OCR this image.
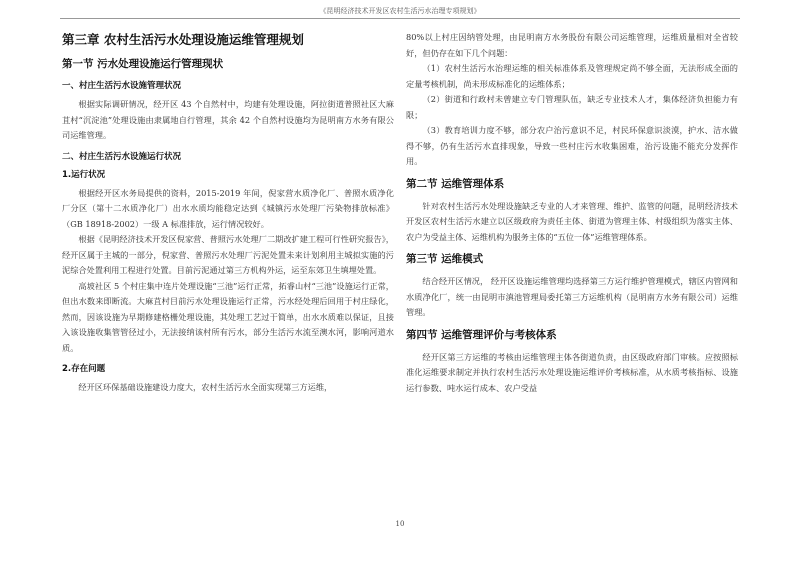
《昆明经济技术开发区农村生活污水治理专项规划》
第三章 农村生活污水处理设施运维管理规划
第一节 污水处理设施运行管理现状
一、村庄生活污水设施管理状况

根据实际调研情况，经开区 43 个自然村中，均建有处理设施，阿拉街道普照社区大麻苴村“沉淀池”处理设施由隶属地自行管理，其余 42 个自然村设施均为昆明南方水务有限公司运维管理。

二、村庄生活污水设施运行状况
1.运行状况

根据经开区水务局提供的资料，2015-2019 年间，倪家营水质净化厂、普照水质净化厂分区（第十二水质净化厂）出水水质均能稳定达到《城镇污水处理厂污染物排放标准》（GB 18918-2002）一级 A 标准排放，运行情况较好。

根据《昆明经济技术开发区倪家营、普照污水处理厂二期改扩建工程可行性研究报告》，经开区属于主城的一部分，倪家营、普照污水处理厂污泥处置未来计划利用主城拟实施的污泥综合处置利用工程进行处置。目前污泥通过第三方机构外运，运至东郊卫生填埋处置。

高坡社区 5 个村庄集中连片处理设施“三池”运行正常，拓睿山村“三池”设施运行正常，但出水数来即断流。大麻苴村目前污水处理设施运行正常，污水经处理后回用于村庄绿化，然而，因该设施为早期修建格栅处理设施，其处理工艺过于简单，出水水质难以保证，且接入该设施收集管管径过小，无法接纳该村所有污水，部分生活污水流至澳水河，影响河道水质。

2.存在问题

经开区环保基础设施建设力度大，农村生活污水全面实现第三方运维，

80%以上村庄因纳管处理，由昆明南方水务股份有限公司运维管理，运维质量相对全省较好，但仍存在如下几个问题：

（1）农村生活污水治理运维的相关标准体系及管理规定尚不够全面，无法形成全面的定量考核机制，尚未形成标准化的运维体系；

（2）街道和行政村未曾建立专门管理队伍，缺乏专业技术人才，集体经济负担能力有限；

（3）教育培训力度不够，部分农户治污意识不足，村民环保意识淡漠，护水、洁水做得不够，仍有生活污水直排现象，导致一些村庄污水收集困难，治污设施不能充分发挥作用。

第二节 运维管理体系

针对农村生活污水处理设施缺乏专业的人才来管理、维护、监管的问题，昆明经济技术开发区农村生活污水建立以区级政府为责任主体、街道为管理主体、村级组织为落实主体、农户为受益主体、运维机构为服务主体的“五位一体”运维管理体系。

第三节 运维模式

结合经开区情况， 经开区设施运维管理均选择第三方运行维护管理模式，辖区内管网和水质净化厂，统一由昆明市滇池管理局委托第三方运维机构（昆明南方水务有限公司）运维管理。

第四节 运维管理评价与考核体系

经开区第三方运维的考核由运维管理主体各街道负责，由区级政府部门审核。应按照标准化运维要求制定并执行农村生活污水处理设施运维评价考核标准，从水质考核指标、设施运行参数、吨水运行成本、农户受益

10
